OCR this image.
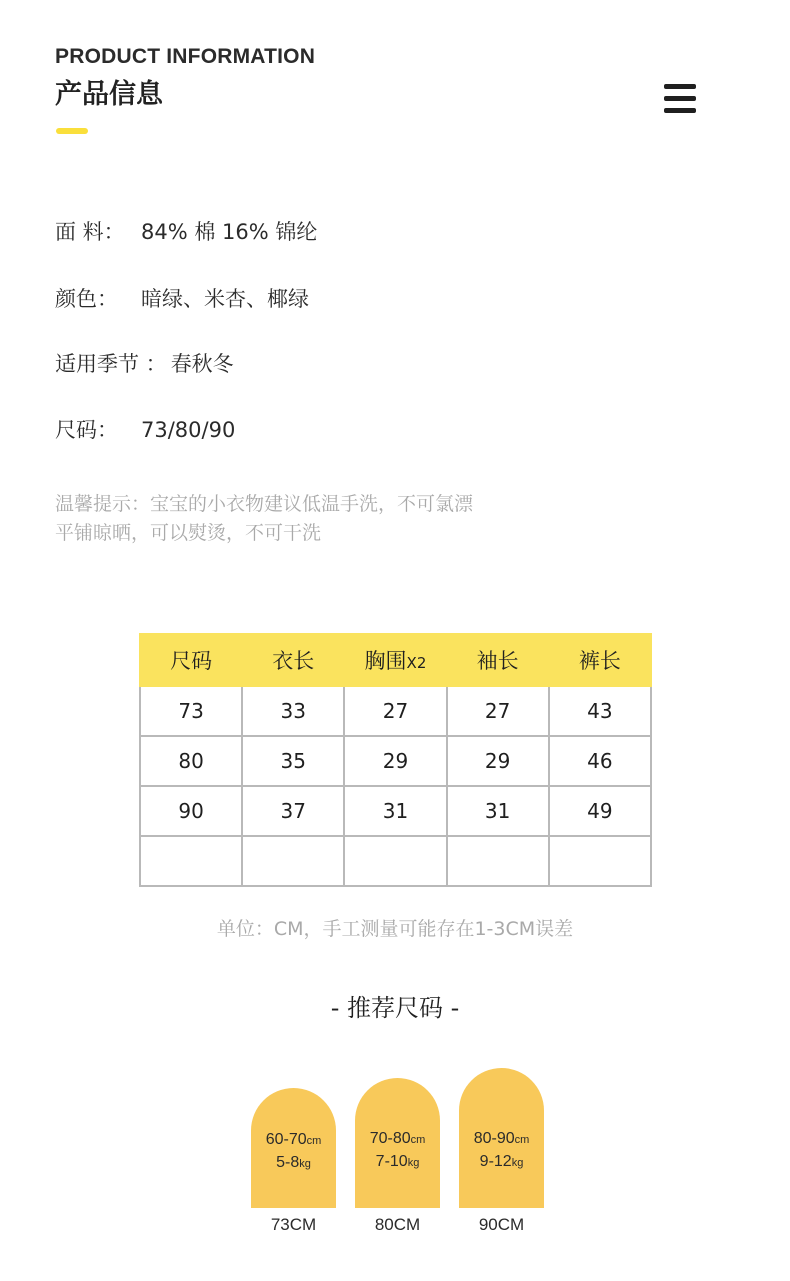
PRODUCT INFORMATION
产品信息
面 料： 84% 棉 16% 锦纶
颜色： 暗绿、米杏、椰绿
适用季节 ： 春秋冬
尺码： 73/80/90
温馨提示：宝宝的小衣物建议低温手洗，不可氯漂
平铺晾晒，可以熨烫，不可干洗
尺码	衣长	胸围X2	袖长	裤长
73	33	27	27	43
80	35	29	29	46
90	37	31	31	49

单位：CM，手工测量可能存在1-3CM误差
- 推荐尺码 -
60-70cm
5-8kg
70-80cm
7-10kg
80-90cm
9-12kg
73CM	80CM	90CM
